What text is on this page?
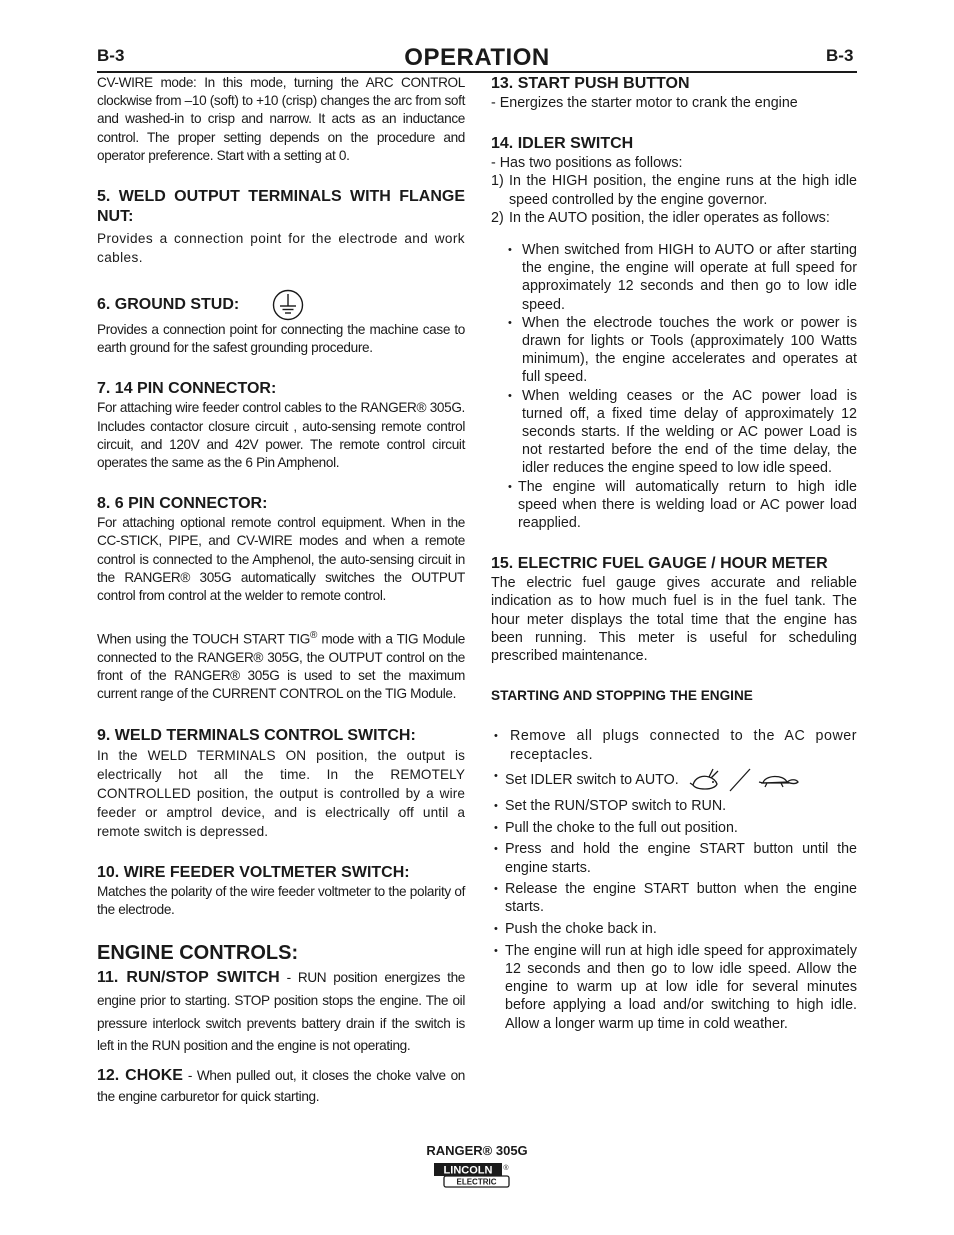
B-3	OPERATION	B-3

CV-WIRE mode: In this mode, turning the ARC CONTROL clockwise from –10 (soft) to +10 (crisp) changes the arc from soft and washed-in to crisp and narrow. It acts as an inductance control. The proper setting depends on the procedure and operator preference. Start with a setting at 0.

5. WELD OUTPUT TERMINALS WITH FLANGE NUT:

Provides a connection point for the electrode and work cables.

6. GROUND STUD:

Provides a connection point for connecting the machine case to earth ground for the safest grounding procedure.

7. 14 PIN CONNECTOR:

For attaching wire feeder control cables to the RANGER® 305G. Includes contactor closure circuit , auto-sensing remote control circuit, and 120V and 42V power. The remote control circuit operates the same as the 6 Pin Amphenol.

8. 6 PIN CONNECTOR:

For attaching optional remote control equipment. When in the CC-STICK, PIPE, and CV-WIRE modes and when a remote control is connected to the Amphenol, the auto-sensing circuit in the RANGER® 305G automatically switches the OUTPUT control from control at the welder to remote control.

When using the TOUCH START TIG® mode with a TIG Module connected to the RANGER® 305G, the OUTPUT control on the front of the RANGER® 305G is used to set the maximum current range of the CURRENT CONTROL on the TIG Module.

9. WELD TERMINALS CONTROL SWITCH:

In the WELD TERMINALS ON position, the output is electrically hot all the time. In the REMOTELY CONTROLLED position, the output is controlled by a wire feeder or amptrol device, and is electrically off until a remote switch is depressed.

10. WIRE FEEDER VOLTMETER SWITCH:

Matches the polarity of the wire feeder voltmeter to the polarity of the electrode.

ENGINE CONTROLS:

11. RUN/STOP SWITCH - RUN position energizes the engine prior to starting. STOP position stops the engine. The oil pressure interlock switch prevents battery drain if the switch is left in the RUN position and the engine is not operating.

12. CHOKE - When pulled out, it closes the choke valve on the engine carburetor for quick starting.

13. START PUSH BUTTON

- Energizes the starter motor to crank the engine

14. IDLER SWITCH

- Has two positions as follows:

1) In the HIGH position, the engine runs at the high idle speed controlled by the engine governor.
2) In the AUTO position, the idler operates as follows:
• When switched from HIGH to AUTO or after starting the engine, the engine will operate at full speed for approximately 12 seconds and then go to low idle speed.
• When the electrode touches the work or power is drawn for lights or Tools (approximately 100 Watts minimum), the engine accelerates and operates at full speed.
• When welding ceases or the AC power load is turned off, a fixed time delay of approximately 12 seconds starts. If the welding or AC power Load is not restarted before the end of the time delay, the idler reduces the engine speed to low idle speed.
• The engine will automatically return to high idle speed when there is welding load or AC power load reapplied.
15. ELECTRIC FUEL GAUGE / HOUR METER

The electric fuel gauge gives accurate and reliable indication as to how much fuel is in the fuel tank. The hour meter displays the total time that the engine has been running. This meter is useful for scheduling prescribed maintenance.

STARTING AND STOPPING THE ENGINE

• Remove all plugs connected to the AC power receptacles.
• Set IDLER switch to AUTO.
• Set the RUN/STOP switch to RUN.
• Pull the choke to the full out position.
• Press and hold the engine START button until the engine starts.
• Release the engine START button when the engine starts.
• Push the choke back in.
• The engine will run at high idle speed for approximately 12 seconds and then go to low idle speed. Allow the engine to warm up at low idle for several minutes before applying a load and/or switching to high idle. Allow a longer warm up time in cold weather.
RANGER® 305G
LINCOLN ®
ELECTRIC
